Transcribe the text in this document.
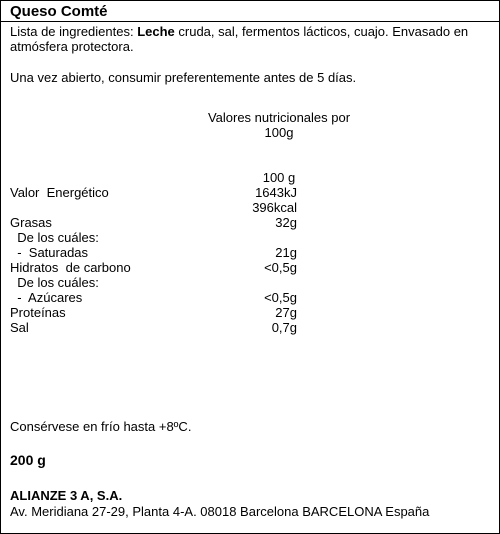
Queso Comté
Lista de ingredientes: Leche cruda, sal, fermentos lácticos, cuajo. Envasado en atmósfera protectora.
Una vez abierto, consumir preferentemente antes de 5 días.
Valores nutricionales por 100g
100 g
Valor  Energético	1643kJ
396kcal
Grasas	32g
De los cuáles:
-  Saturadas	21g
Hidratos  de carbono	<0,5g
De los cuáles:
-  Azúcares	<0,5g
Proteínas	27g
Sal	0,7g
Consérvese en frío hasta +8ºC.
200 g
ALIANZE 3 A, S.A.
Av. Meridiana 27-29, Planta 4-A. 08018 Barcelona BARCELONA España
